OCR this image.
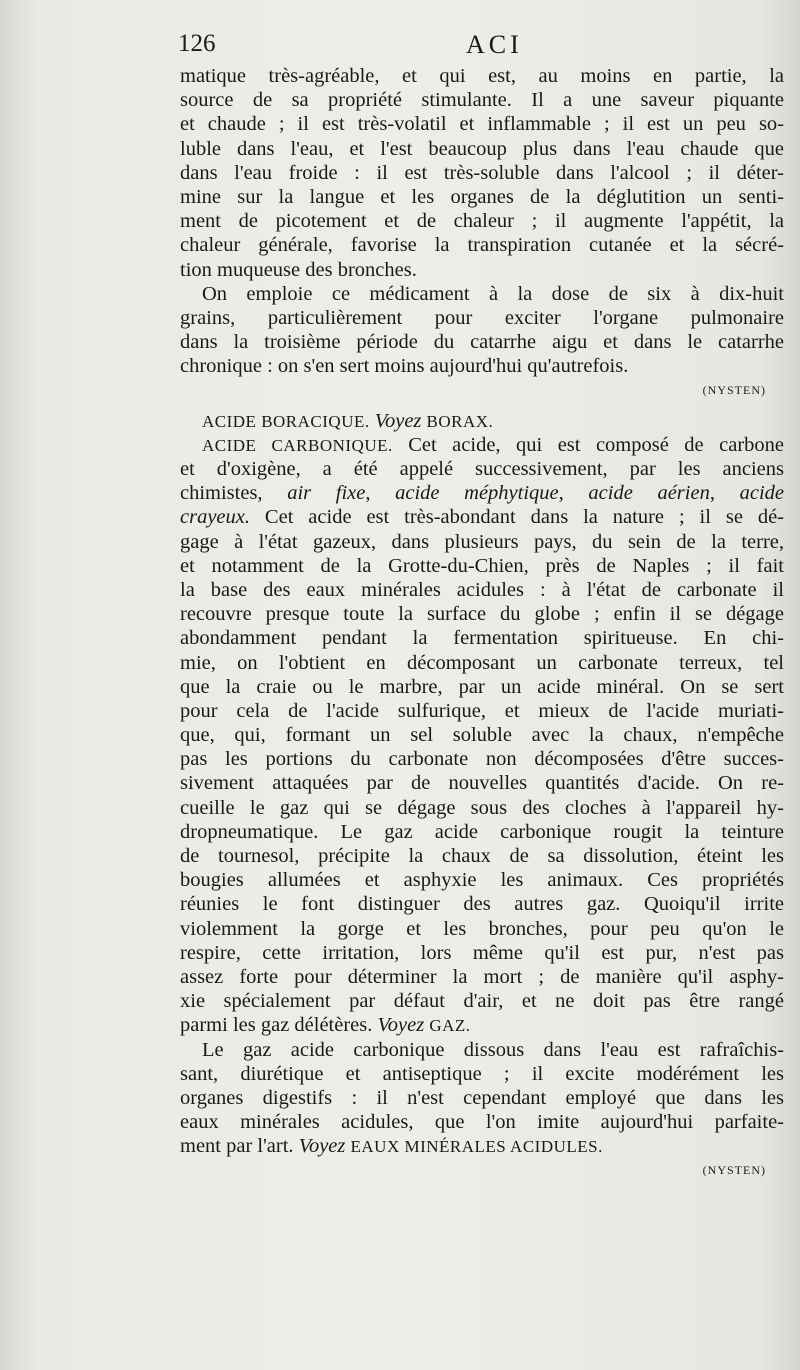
126	ACI
matique très-agréable, et qui est, au moins en partie, la
source de sa propriété stimulante. Il a une saveur piquante
et chaude ; il est très-volatil et inflammable ; il est un peu so-
luble dans l'eau, et l'est beaucoup plus dans l'eau chaude que
dans l'eau froide : il est très-soluble dans l'alcool ; il déter-
mine sur la langue et les organes de la déglutition un senti-
ment de picotement et de chaleur ; il augmente l'appétit, la
chaleur générale, favorise la transpiration cutanée et la sécré-
tion muqueuse des bronches.
On emploie ce médicament à la dose de six à dix-huit
grains, particulièrement pour exciter l'organe pulmonaire
dans la troisième période du catarrhe aigu et dans le catarrhe
chronique : on s'en sert moins aujourd'hui qu'autrefois.
(NYSTEN)
ACIDE BORACIQUE. Voyez BORAX.
ACIDE CARBONIQUE. Cet acide, qui est composé de carbone
et d'oxigène, a été appelé successivement, par les anciens
chimistes, air fixe, acide méphytique, acide aérien, acide
crayeux. Cet acide est très-abondant dans la nature ; il se dé-
gage à l'état gazeux, dans plusieurs pays, du sein de la terre,
et notamment de la Grotte-du-Chien, près de Naples ; il fait
la base des eaux minérales acidules : à l'état de carbonate il
recouvre presque toute la surface du globe ; enfin il se dégage
abondamment pendant la fermentation spiritueuse. En chi-
mie, on l'obtient en décomposant un carbonate terreux, tel
que la craie ou le marbre, par un acide minéral. On se sert
pour cela de l'acide sulfurique, et mieux de l'acide muriati-
que, qui, formant un sel soluble avec la chaux, n'empêche
pas les portions du carbonate non décomposées d'être succes-
sivement attaquées par de nouvelles quantités d'acide. On re-
cueille le gaz qui se dégage sous des cloches à l'appareil hy-
dropneumatique. Le gaz acide carbonique rougit la teinture
de tournesol, précipite la chaux de sa dissolution, éteint les
bougies allumées et asphyxie les animaux. Ces propriétés
réunies le font distinguer des autres gaz. Quoiqu'il irrite
violemment la gorge et les bronches, pour peu qu'on le
respire, cette irritation, lors même qu'il est pur, n'est pas
assez forte pour déterminer la mort ; de manière qu'il asphy-
xie spécialement par défaut d'air, et ne doit pas être rangé
parmi les gaz délétères. Voyez GAZ.
Le gaz acide carbonique dissous dans l'eau est rafraîchis-
sant, diurétique et antiseptique ; il excite modérément les
organes digestifs : il n'est cependant employé que dans les
eaux minérales acidules, que l'on imite aujourd'hui parfaite-
ment par l'art. Voyez EAUX MINÉRALES ACIDULES.
(NYSTEN)
